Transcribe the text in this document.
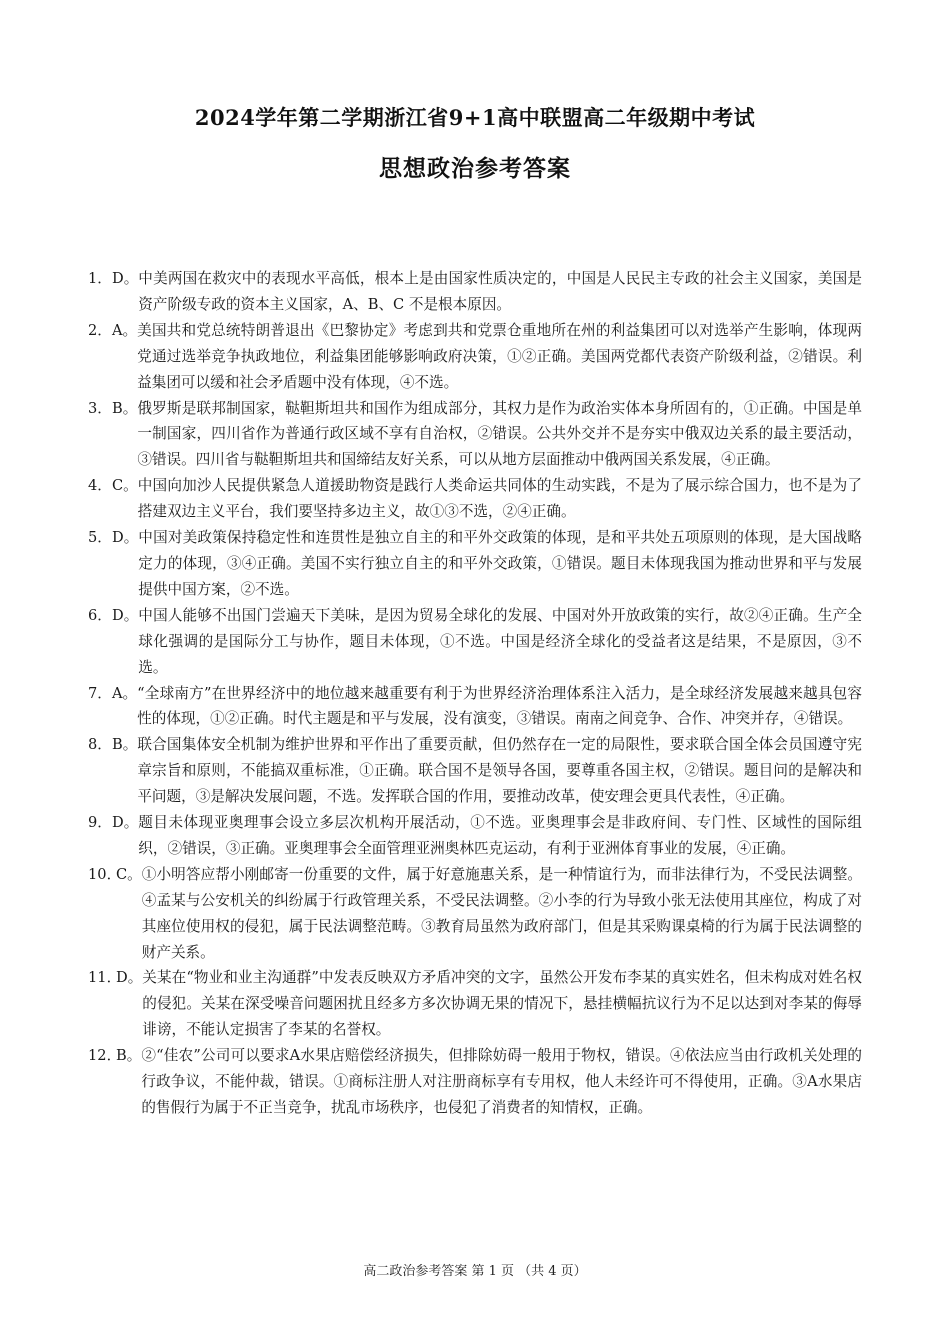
2024学年第二学期浙江省9+1高中联盟高二年级期中考试
思想政治参考答案
1． D。 中美两国在救灾中的表现水平高低，根本上是由国家性质决定的，中国是人民民主专政的社会主义国家，美国是资产阶级专政的资本主义国家，A、B、C 不是根本原因。
2． A。 美国共和党总统特朗普退出《巴黎协定》考虑到共和党票仓重地所在州的利益集团可以对选举产生影响，体现两党通过选举竞争执政地位，利益集团能够影响政府决策，①②正确。美国两党都代表资产阶级利益，②错误。利益集团可以缓和社会矛盾题中没有体现，④不选。
3． B。 俄罗斯是联邦制国家，鞑靼斯坦共和国作为组成部分，其权力是作为政治实体本身所固有的，①正确。中国是单一制国家，四川省作为普通行政区域不享有自治权，②错误。公共外交并不是夯实中俄双边关系的最主要活动，③错误。四川省与鞑靼斯坦共和国缔结友好关系，可以从地方层面推动中俄两国关系发展，④正确。
4． C。 中国向加沙人民提供紧急人道援助物资是践行人类命运共同体的生动实践，不是为了展示综合国力，也不是为了搭建双边主义平台，我们要坚持多边主义，故①③不选，②④正确。
5． D。 中国对美政策保持稳定性和连贯性是独立自主的和平外交政策的体现，是和平共处五项原则的体现，是大国战略定力的体现，③④正确。美国不实行独立自主的和平外交政策，①错误。题目未体现我国为推动世界和平与发展提供中国方案，②不选。
6． D。 中国人能够不出国门尝遍天下美味，是因为贸易全球化的发展、中国对外开放政策的实行，故②④正确。生产全球化强调的是国际分工与协作，题目未体现，①不选。中国是经济全球化的受益者这是结果，不是原因，③不选。
7． A。 “全球南方”在世界经济中的地位越来越重要有利于为世界经济治理体系注入活力，是全球经济发展越来越具包容性的体现，①②正确。时代主题是和平与发展，没有演变，③错误。南南之间竞争、合作、冲突并存，④错误。
8． B。 联合国集体安全机制为维护世界和平作出了重要贡献，但仍然存在一定的局限性，要求联合国全体会员国遵守宪章宗旨和原则，不能搞双重标准，①正确。联合国不是领导各国，要尊重各国主权，②错误。题目问的是解决和平问题，③是解决发展问题，不选。发挥联合国的作用，要推动改革，使安理会更具代表性，④正确。
9． D。 题目未体现亚奥理事会设立多层次机构开展活动，①不选。亚奥理事会是非政府间、专门性、区域性的国际组织，②错误，③正确。亚奥理事会全面管理亚洲奥林匹克运动，有利于亚洲体育事业的发展，④正确。
10．
C。 ①小明答应帮小刚邮寄一份重要的文件，属于好意施惠关系，是一种情谊行为，而非法律行为，不受民法调整。④孟某与公安机关的纠纷属于行政管理关系，不受民法调整。②小李的行为导致小张无法使用其座位，构成了对其座位使用权的侵犯，属于民法调整范畴。③教育局虽然为政府部门，但是其采购课桌椅的行为属于民法调整的财产关系。
11．
D。 关某在“物业和业主沟通群”中发表反映双方矛盾冲突的文字，虽然公开发布李某的真实姓名，但未构成对姓名权的侵犯。关某在深受噪音问题困扰且经多方多次协调无果的情况下，悬挂横幅抗议行为不足以达到对李某的侮辱诽谤，不能认定损害了李某的名誉权。
12．
B。 ②“佳农”公司可以要求A水果店赔偿经济损失，但排除妨碍一般用于物权，错误。④依法应当由行政机关处理的行政争议，不能仲裁，错误。①商标注册人对注册商标享有专用权，他人未经许可不得使用，正确。③A水果店的售假行为属于不正当竞争，扰乱市场秩序，也侵犯了消费者的知情权，正确。
高二政治参考答案 第 1 页 （共 4 页）
